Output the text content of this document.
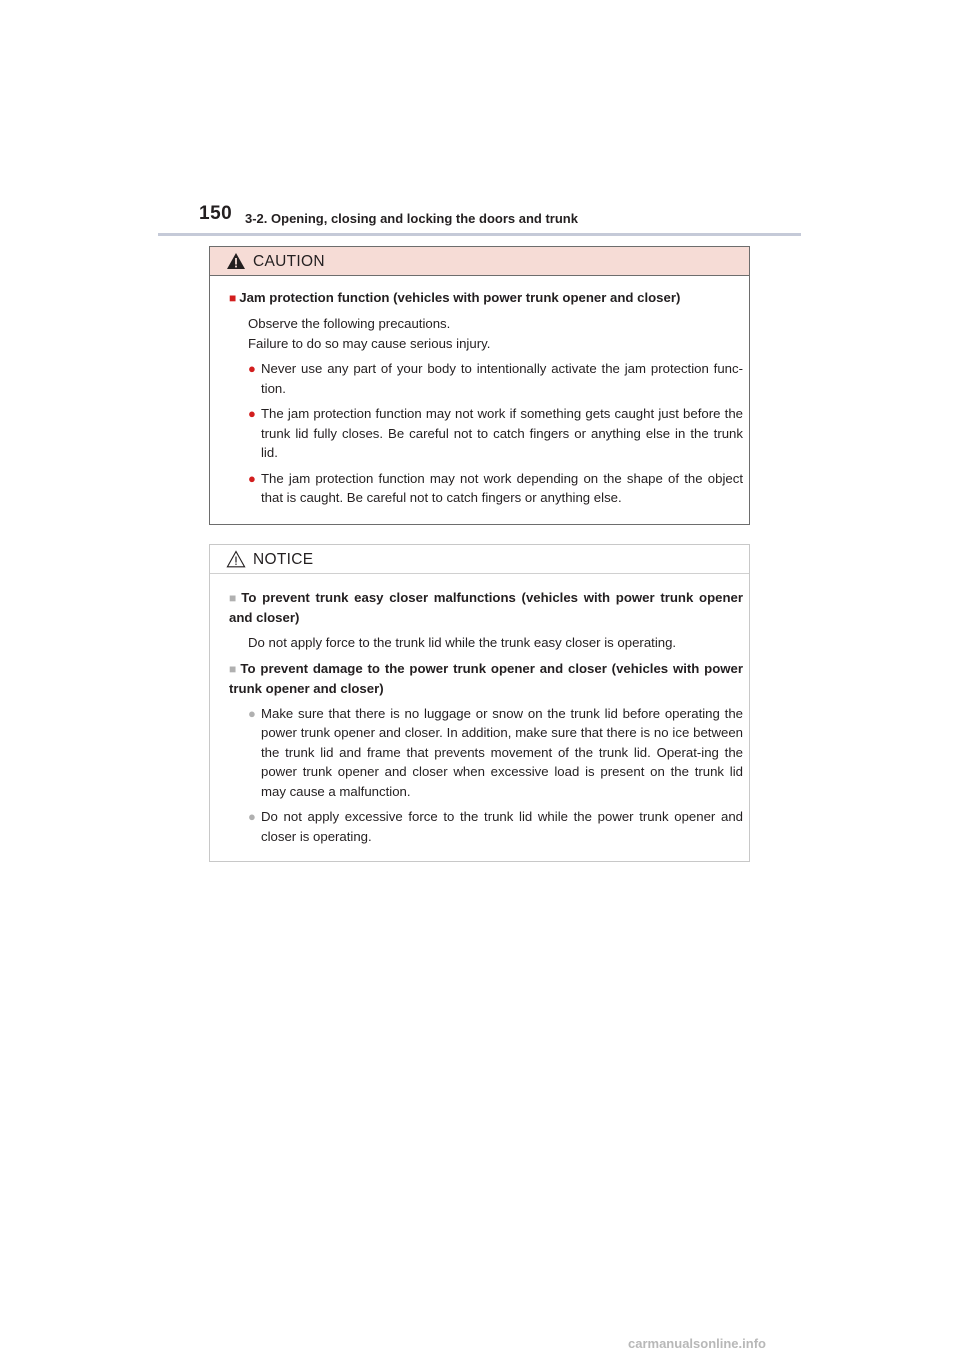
150 3-2. Opening, closing and locking the doors and trunk
CAUTION
■ Jam protection function (vehicles with power trunk opener and closer)
Observe the following precautions.
Failure to do so may cause serious injury.
● Never use any part of your body to intentionally activate the jam protection func-tion.
● The jam protection function may not work if something gets caught just before the trunk lid fully closes. Be careful not to catch fingers or anything else in the trunk lid.
● The jam protection function may not work depending on the shape of the object that is caught. Be careful not to catch fingers or anything else.
NOTICE
■ To prevent trunk easy closer malfunctions (vehicles with power trunk opener and closer)
Do not apply force to the trunk lid while the trunk easy closer is operating.
■ To prevent damage to the power trunk opener and closer (vehicles with power trunk opener and closer)
● Make sure that there is no luggage or snow on the trunk lid before operating the power trunk opener and closer. In addition, make sure that there is no ice between the trunk lid and frame that prevents movement of the trunk lid. Operat-ing the power trunk opener and closer when excessive load is present on the trunk lid may cause a malfunction.
● Do not apply excessive force to the trunk lid while the power trunk opener and closer is operating.
carmanualsonline.info
